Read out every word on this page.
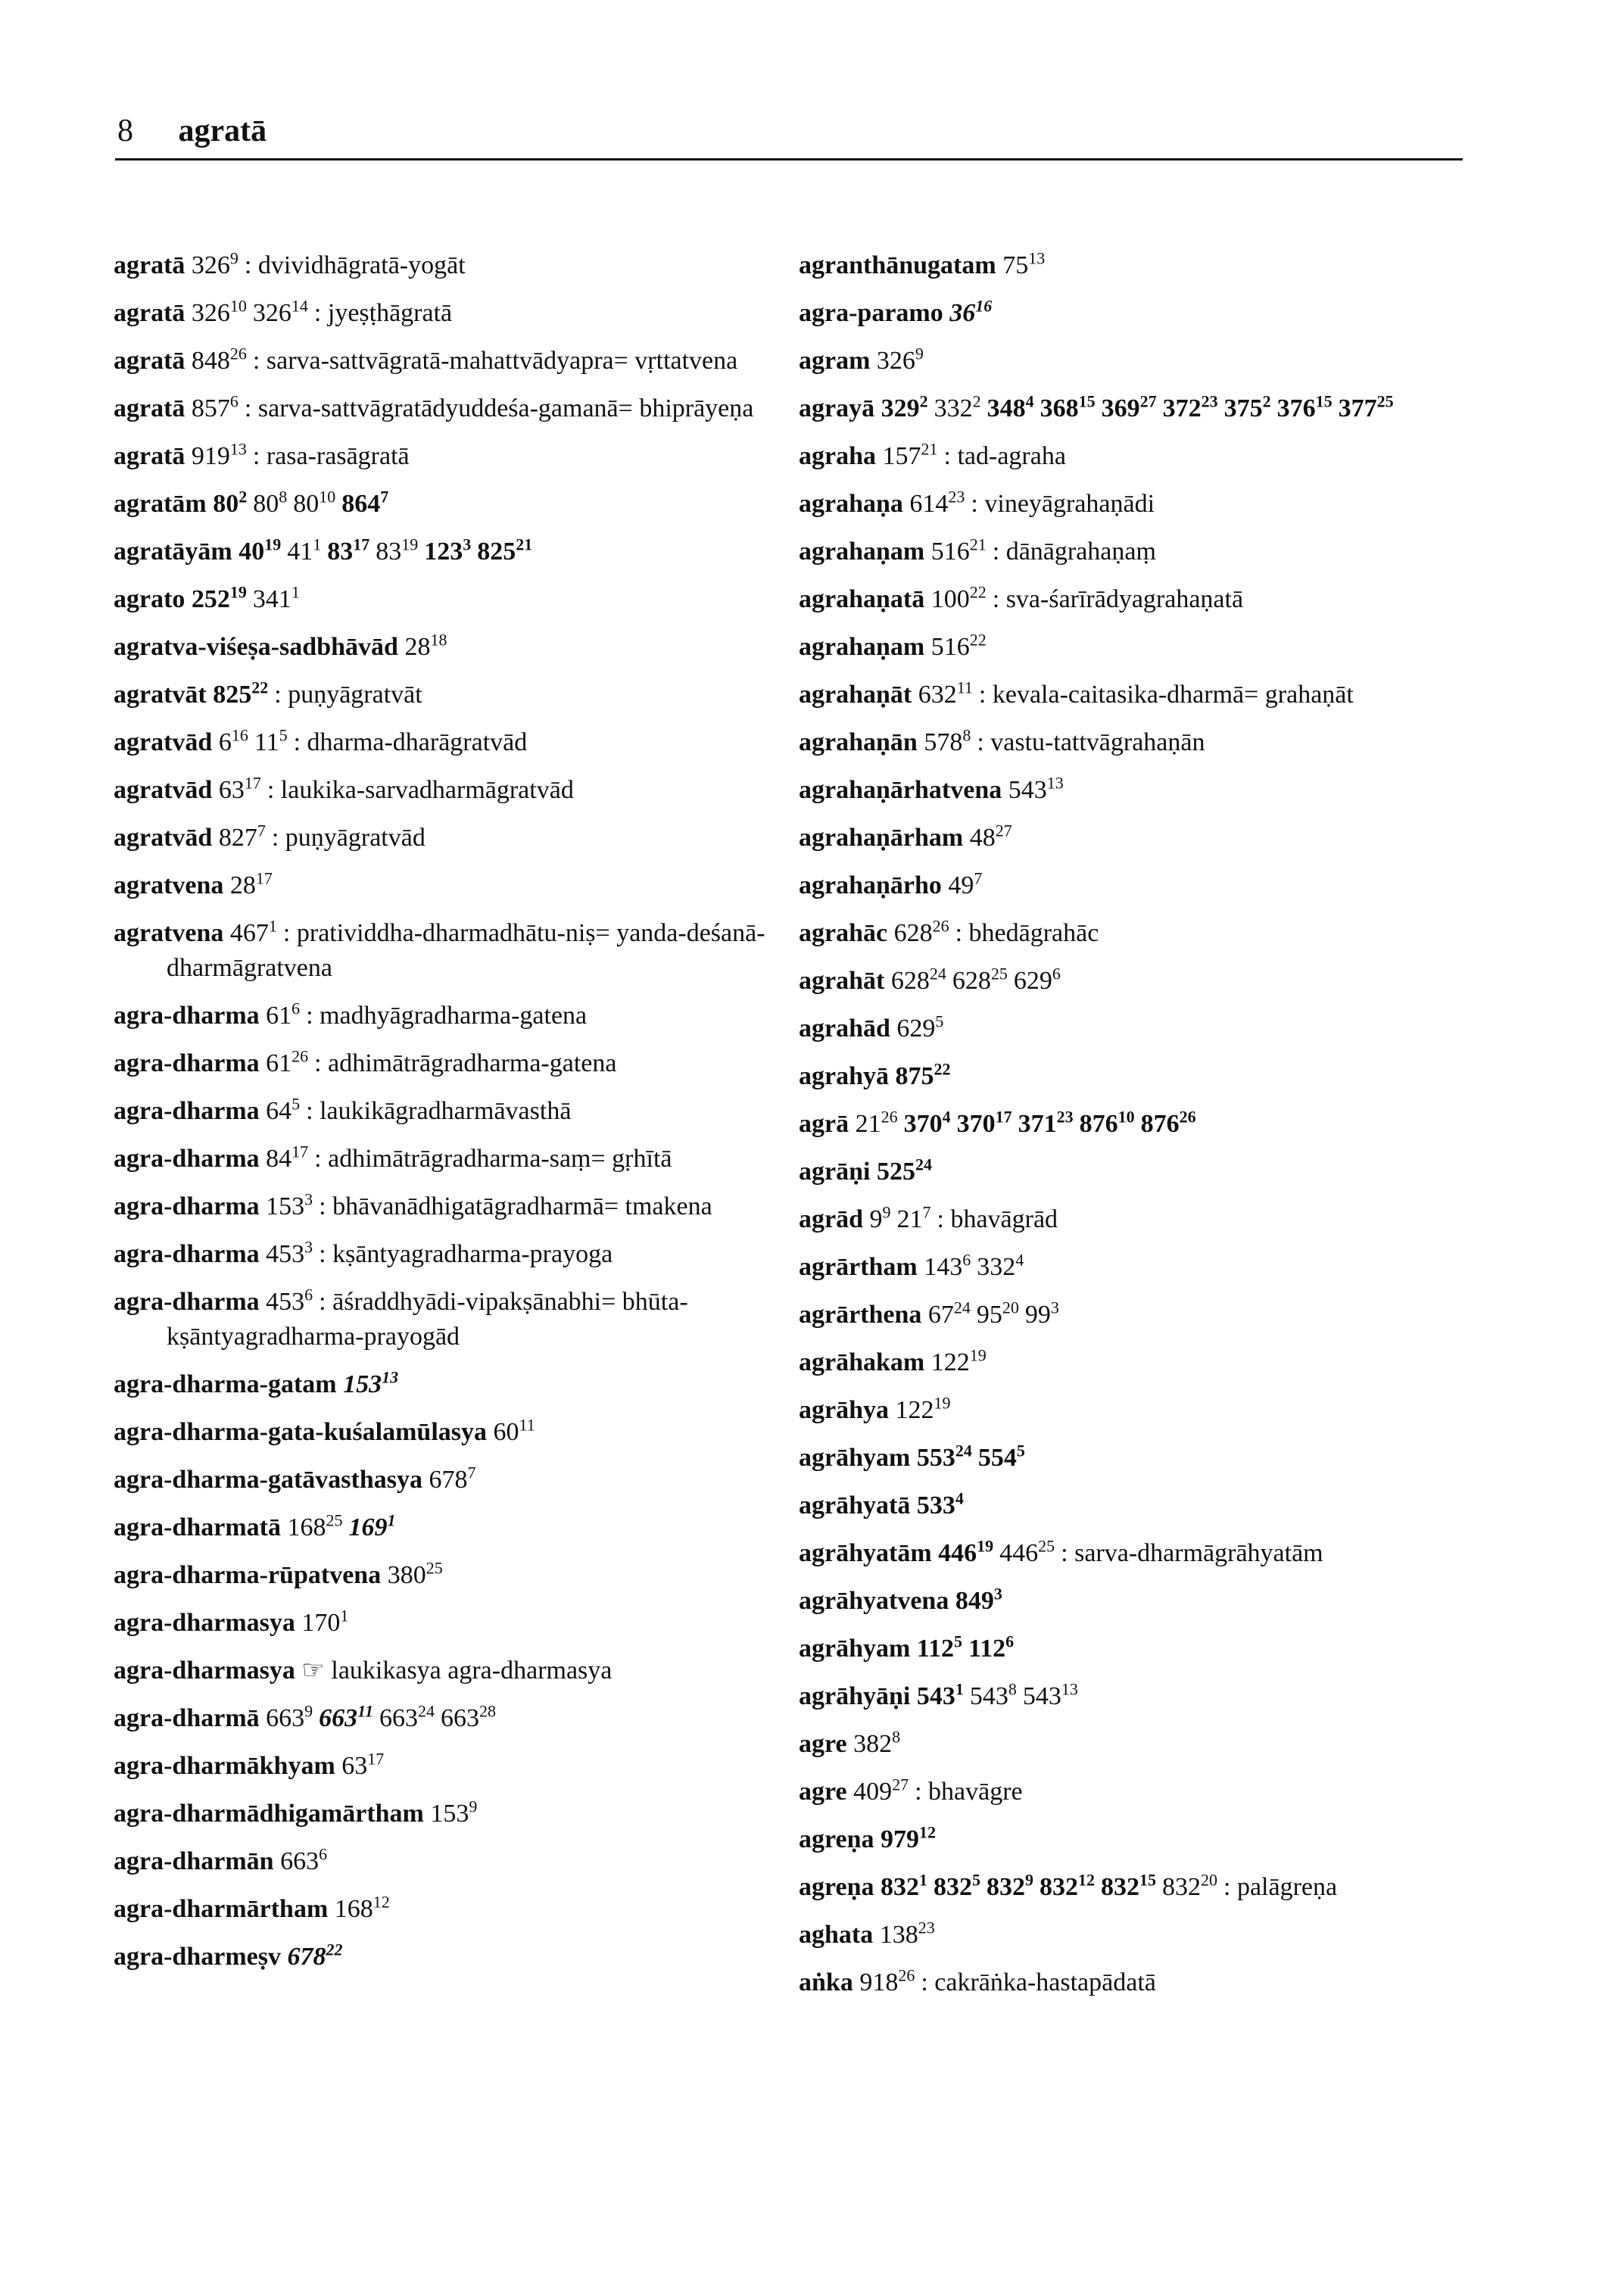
8 agratā
agratā $326^9$ : dvividhāgratā-yogāt
agratā $326^{10}$ $326^{14}$ : jyeṣṭhāgratā
agratā $848^{26}$ : sarva-sattvāgratā-mahattvādyapra= vṛttatvena
agratā $857^6$ : sarva-sattvāgratādyuddeśa-gamanā= bhiprāyeṇa
agratā $919^{13}$ : rasa-rasāgratā
agratām $80^2$ $80^8$ $80^{10}$ $864^7$
agratāyām $40^{19}$ $41^1$ $83^{17}$ $83^{19}$ $123^3$ $825^{21}$
agrato $252^{19}$ $341^1$
agratva-viśeṣa-sadbhāvād $28^{18}$
agratvāt $825^{22}$ : puṇyāgratvāt
agratvād $6^{16}$ $11^5$ : dharma-dharāgratvād
agratvād $63^{17}$ : laukika-sarvadharmāgratvād
agratvād $827^7$ : puṇyāgratvād
agratvena $28^{17}$
agratvena $467^1$ : pratividdha-dharmadhātu-niṣ= yanda-deśanā-dharmāgratvena
agra-dharma $61^6$ : madhyāgradharma-gatena
agra-dharma $61^{26}$ : adhimātrāgradharma-gatena
agra-dharma $64^5$ : laukikāgradharmāvasthā
agra-dharma $84^{17}$ : adhimātrāgradharma-saṃ= gṛhītā
agra-dharma $153^3$ : bhāvanādhigatāgradharmā= tmakena
agra-dharma $453^3$ : kṣāntyagradharma-prayoga
agra-dharma $453^6$ : āśraddhyādi-vipakṣānabhi= bhūta-kṣāntyagradharma-prayogād
agra-dharma-gatam $153^{13}$
agra-dharma-gata-kuśalamūlasya $60^{11}$
agra-dharma-gatāvasthasya $678^7$
agra-dharmatā $168^{25}$ $169^1$
agra-dharma-rūpatvena $380^{25}$
agra-dharmasya $170^1$
agra-dharmasya ☞ laukikasya agra-dharmasya
agra-dharmā $663^9$ $663^{11}$ $663^{24}$ $663^{28}$
agra-dharmākhyam $63^{17}$
agra-dharmādhigamārtham $153^9$
agra-dharmān $663^6$
agra-dharmārtham $168^{12}$
agra-dharmeṣv $678^{22}$
agranthānugatam $75^{13}$
agra-paramo $36^{16}$
agram $326^9$
agrayā $329^2$ $332^2$ $348^4$ $368^{15}$ $369^{27}$ $372^{23}$ $375^2$ $376^{15}$ $377^{25}$
agraha $157^{21}$ : tad-agraha
agrahaṇa $614^{23}$ : vineyāgrahaṇādi
agrahaṇam $516^{21}$ : dānāgrahaṇaṃ
agrahaṇatā $100^{22}$ : sva-śarīrādyagrahaṇatā
agrahaṇam $516^{22}$
agrahaṇāt $632^{11}$ : kevala-caitasika-dharmā= grahaṇāt
agrahaṇān $578^8$ : vastu-tattvāgrahaṇān
agrahaṇārhatvena $543^{13}$
agrahaṇārham $48^{27}$
agrahaṇārho $49^7$
agrahāc $628^{26}$ : bhedāgrahāc
agrahāt $628^{24}$ $628^{25}$ $629^6$
agrahād $629^5$
agrahyā $875^{22}$
agrā $21^{26}$ $370^4$ $370^{17}$ $371^{23}$ $876^{10}$ $876^{26}$
agrāṇi $525^{24}$
agrād $9^9$ $21^7$ : bhavāgrād
agrārtham $143^6$ $332^4$
agrārthena $67^{24}$ $95^{20}$ $99^3$
agrāhakam $122^{19}$
agrāhya $122^{19}$
agrāhyam $553^{24}$ $554^5$
agrāhyatā $533^4$
agrāhyatām $446^{19}$ $446^{25}$ : sarva-dharmāgrāhyatām
agrāhyatvena $849^3$
agrāhyam $112^5$ $112^6$
agrāhyāṇi $543^1$ $543^8$ $543^{13}$
agre $382^8$
agre $409^{27}$ : bhavāgre
agreṇa $979^{12}$
agreṇa $832^1$ $832^5$ $832^9$ $832^{12}$ $832^{15}$ $832^{20}$ : palāgreṇa
aghata $138^{23}$
aṅka $918^{26}$ : cakrāṅka-hastapādatā
